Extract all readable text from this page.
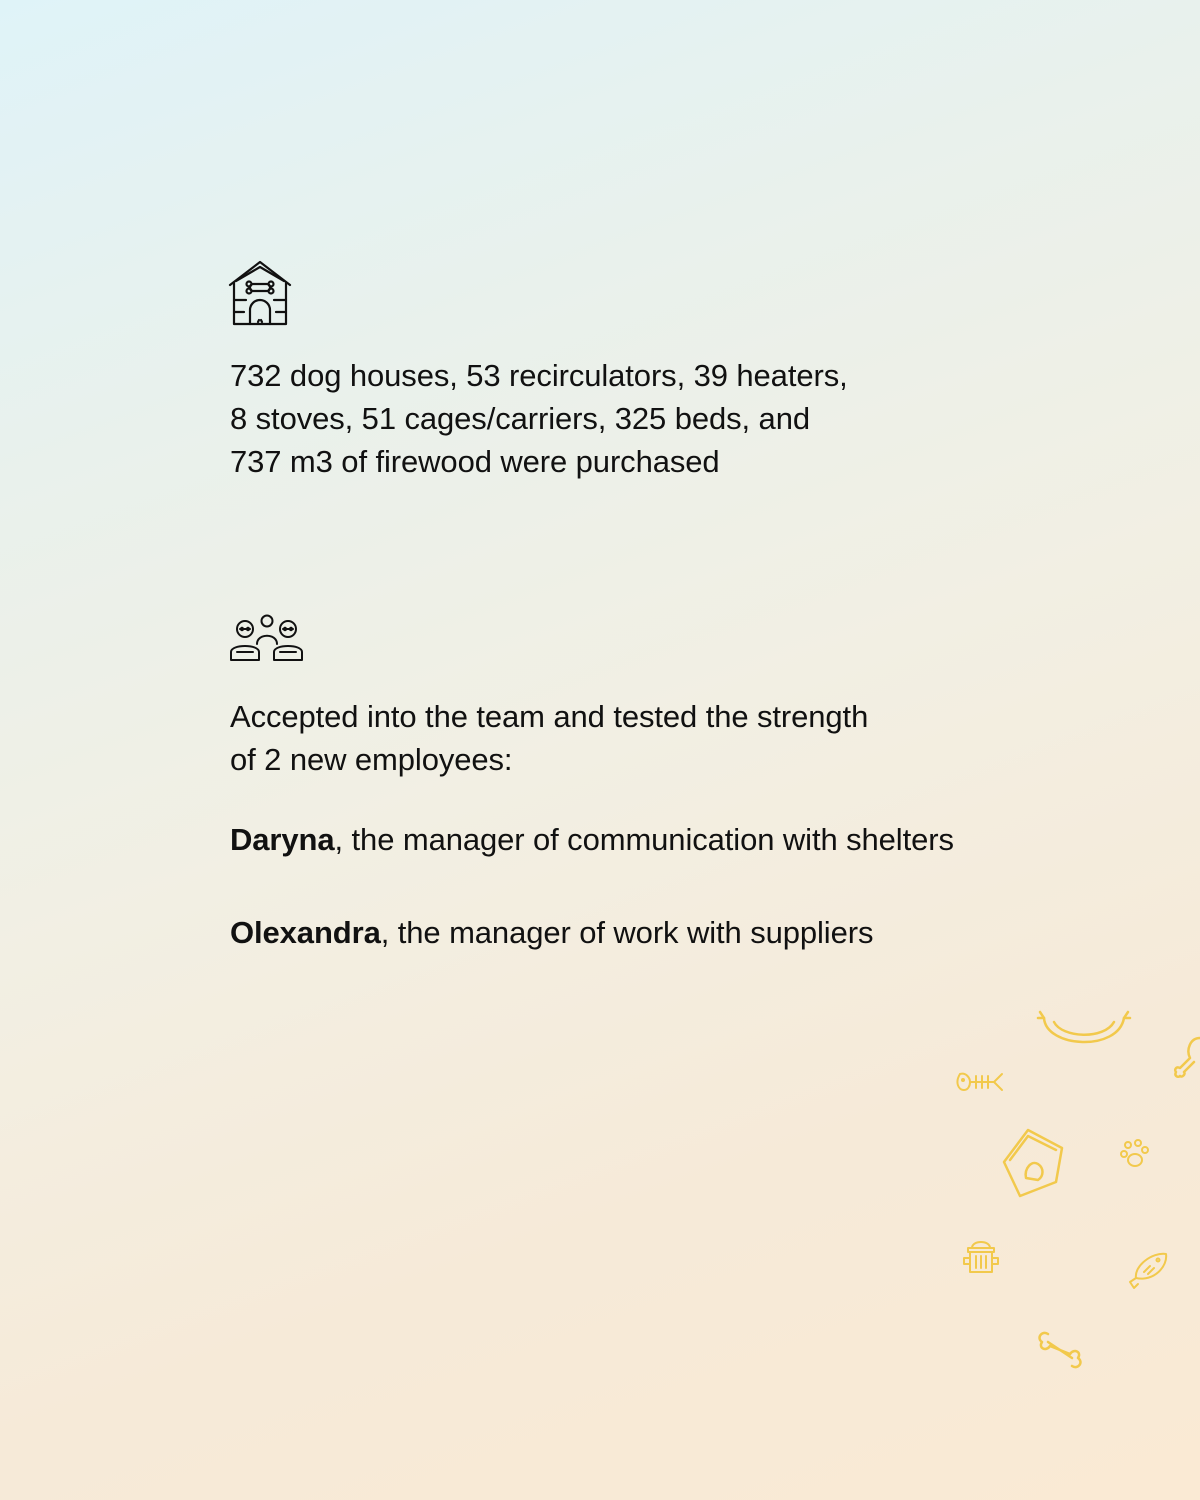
732 dog houses, 53 recirculators, 39 heaters,
8 stoves, 51 cages/carriers, 325 beds, and
737 m3 of firewood were purchased

Accepted into the team and tested the strength
of 2 new employees:

Daryna, the manager of communication with shelters

Olexandra, the manager of work with suppliers
